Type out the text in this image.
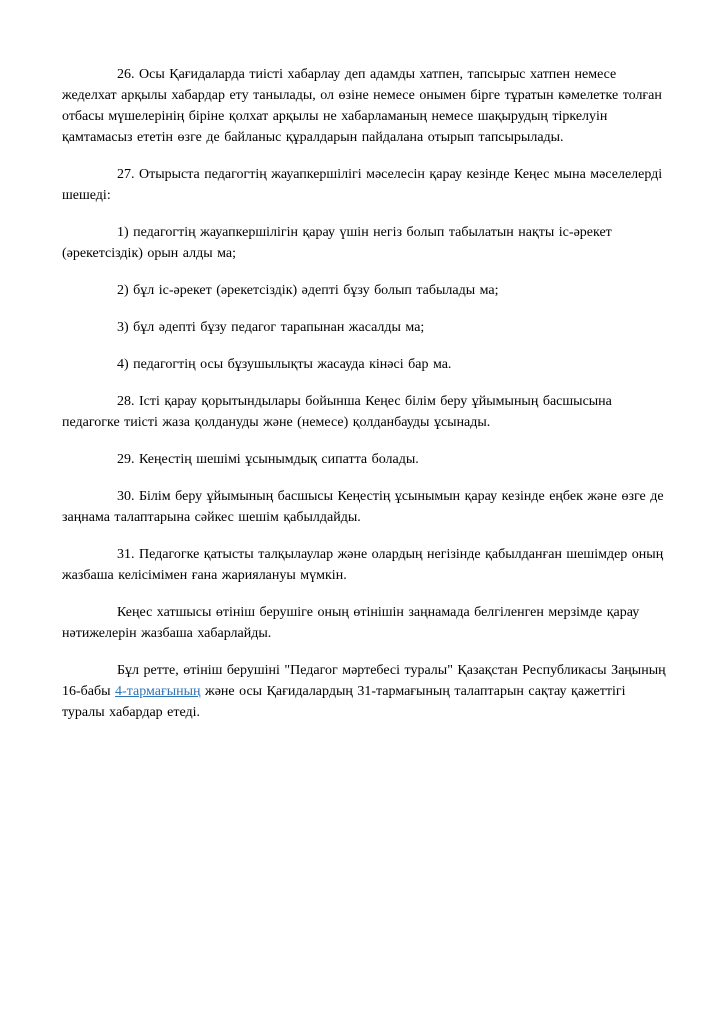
26. Осы Қағидаларда тиісті хабарлау деп адамды хатпен, тапсырыс хатпен немесе жеделхат арқылы хабардар ету танылады, ол өзіне немесе онымен бірге тұратын кәмелетке толған отбасы мүшелерінің біріне қолхат арқылы не хабарламаның немесе шақырудың тіркелуін қамтамасыз ететін өзге де байланыс құралдарын пайдалана отырып тапсырылады.

27. Отырыста педагогтің жауапкершілігі мәселесін қарау кезінде Кеңес мына мәселелерді шешеді:

1) педагогтің жауапкершілігін қарау үшін негіз болып табылатын нақты іс-әрекет (әрекетсіздік) орын алды ма;

2) бұл іс-әрекет (әрекетсіздік) әдепті бұзу болып табылады ма;

3) бұл әдепті бұзу педагог тарапынан жасалды ма;

4) педагогтің осы бұзушылықты жасауда кінәсі бар ма.

28. Істі қарау қорытындылары бойынша Кеңес білім беру ұйымының басшысына педагогке тиісті жаза қолдануды және (немесе) қолданбауды ұсынады.

29. Кеңестің шешімі ұсынымдық сипатта болады.

30. Білім беру ұйымының басшысы Кеңестің ұсынымын қарау кезінде еңбек және өзге де заңнама талаптарына сәйкес шешім қабылдайды.

31. Педагогке қатысты талқылаулар және олардың негізінде қабылданған шешімдер оның жазбаша келісімімен ғана жариялануы мүмкін.

Кеңес хатшысы өтініш берушіге оның өтінішін заңнамада белгіленген мерзімде қарау нәтижелерін жазбаша хабарлайды.

Бұл ретте, өтініш берушіні "Педагог мәртебесі туралы" Қазақстан Республикасы Заңының 16-бабы 4-тармағының және осы Қағидалардың 31-тармағының талаптарын сақтау қажеттігі туралы хабардар етеді.
